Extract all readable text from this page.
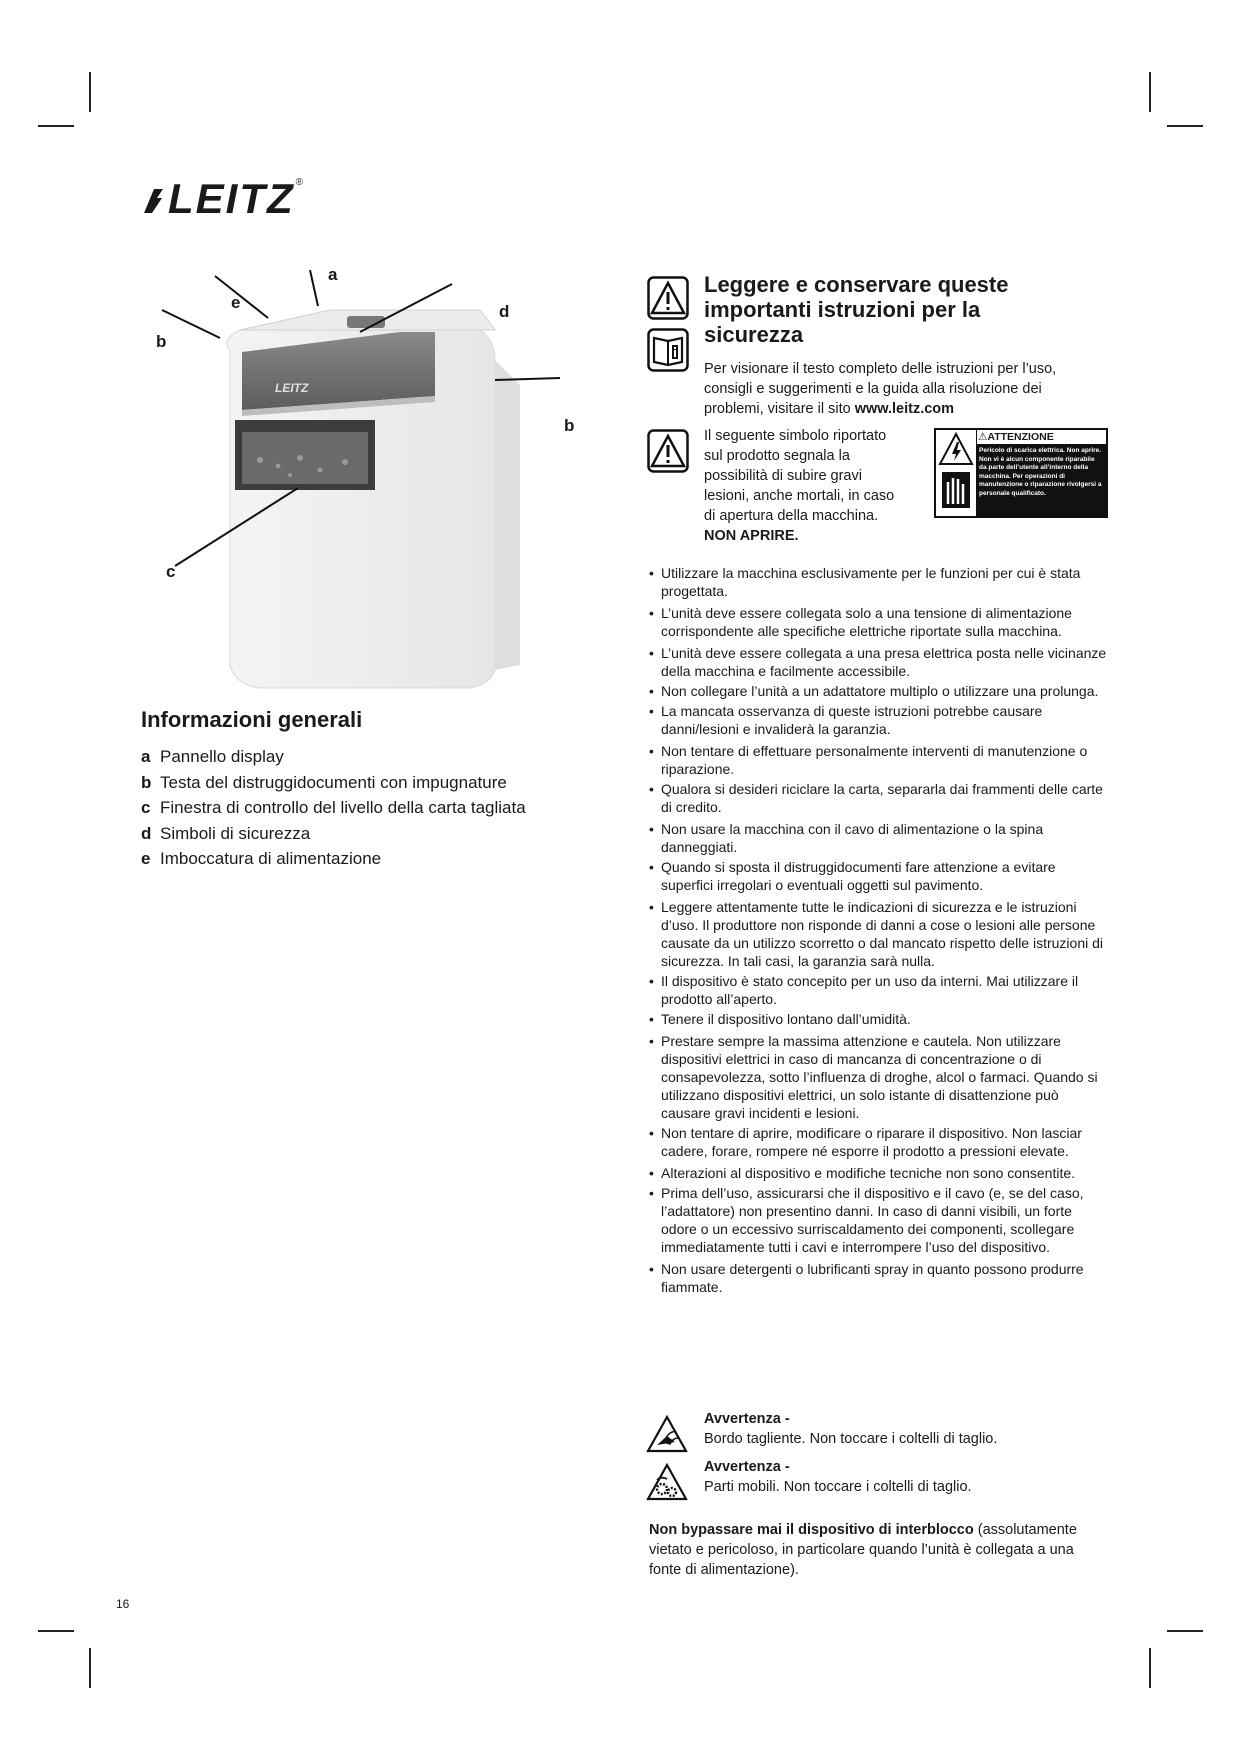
LEITZ®
LEITZ
a
e	d
b
b
c
Informazioni generali
a Pannello display
b Testa del distruggidocumenti con impugnature
c Finestra di controllo del livello della carta tagliata
d Simboli di sicurezza
e Imboccatura di alimentazione
Leggere e conservare queste
importanti istruzioni per la
sicurezza
Per visionare il testo completo delle istruzioni per l’uso, consigli e suggerimenti e la guida alla risoluzione dei problemi, visitare il sito www.leitz.com
Il seguente simbolo riportato
sul prodotto segnala la
possibilità di subire gravi
lesioni, anche mortali, in caso
di apertura della macchina.
NON APRIRE.
⚠︎ATTENZIONE
Pericolo di scarica elettrica. Non aprire. Non vi è alcun componente riparabile da parte dell’utente all’interno della macchina. Per operazioni di manutenzione o riparazione rivolgersi a personale qualificato.
• Utilizzare la macchina esclusivamente per le funzioni per cui è stata progettata.
• L’unità deve essere collegata solo a una tensione di alimentazione corrispondente alle specifiche elettriche riportate sulla macchina.
• L’unità deve essere collegata a una presa elettrica posta nelle vicinanze della macchina e facilmente accessibile.
• Non collegare l’unità a un adattatore multiplo o utilizzare una prolunga.
• La mancata osservanza di queste istruzioni potrebbe causare danni/lesioni e invaliderà la garanzia.
• Non tentare di effettuare personalmente interventi di manutenzione o riparazione.
• Qualora si desideri riciclare la carta, separarla dai frammenti delle carte di credito.
• Non usare la macchina con il cavo di alimentazione o la spina danneggiati.
• Quando si sposta il distruggidocumenti fare attenzione a evitare superfici irregolari o eventuali oggetti sul pavimento.
• Leggere attentamente tutte le indicazioni di sicurezza e le istruzioni d’uso. Il produttore non risponde di danni a cose o lesioni alle persone causate da un utilizzo scorretto o dal mancato rispetto delle istruzioni di sicurezza. In tali casi, la garanzia sarà nulla.
• Il dispositivo è stato concepito per un uso da interni. Mai utilizzare il prodotto all’aperto.
• Tenere il dispositivo lontano dall’umidità.
• Prestare sempre la massima attenzione e cautela. Non utilizzare dispositivi elettrici in caso di mancanza di concentrazione o di consapevolezza, sotto l’influenza di droghe, alcol o farmaci. Quando si utilizzano dispositivi elettrici, un solo istante di disattenzione può causare gravi incidenti e lesioni.
• Non tentare di aprire, modificare o riparare il dispositivo. Non lasciar cadere, forare, rompere né esporre il prodotto a pressioni elevate.
• Alterazioni al dispositivo e modifiche tecniche non sono consentite.
• Prima dell’uso, assicurarsi che il dispositivo e il cavo (e, se del caso, l’adattatore) non presentino danni. In caso di danni visibili, un forte odore o un eccessivo surriscaldamento dei componenti, scollegare immediatamente tutti i cavi e interrompere l’uso del dispositivo.
• Non usare detergenti o lubrificanti spray in quanto possono produrre fiammate.
Avvertenza -
Bordo tagliente. Non toccare i coltelli di taglio.
Avvertenza -
Parti mobili. Non toccare i coltelli di taglio.
Non bypassare mai il dispositivo di interblocco (assolutamente vietato e pericoloso, in particolare quando l’unità è collegata a una fonte di alimentazione).
16
